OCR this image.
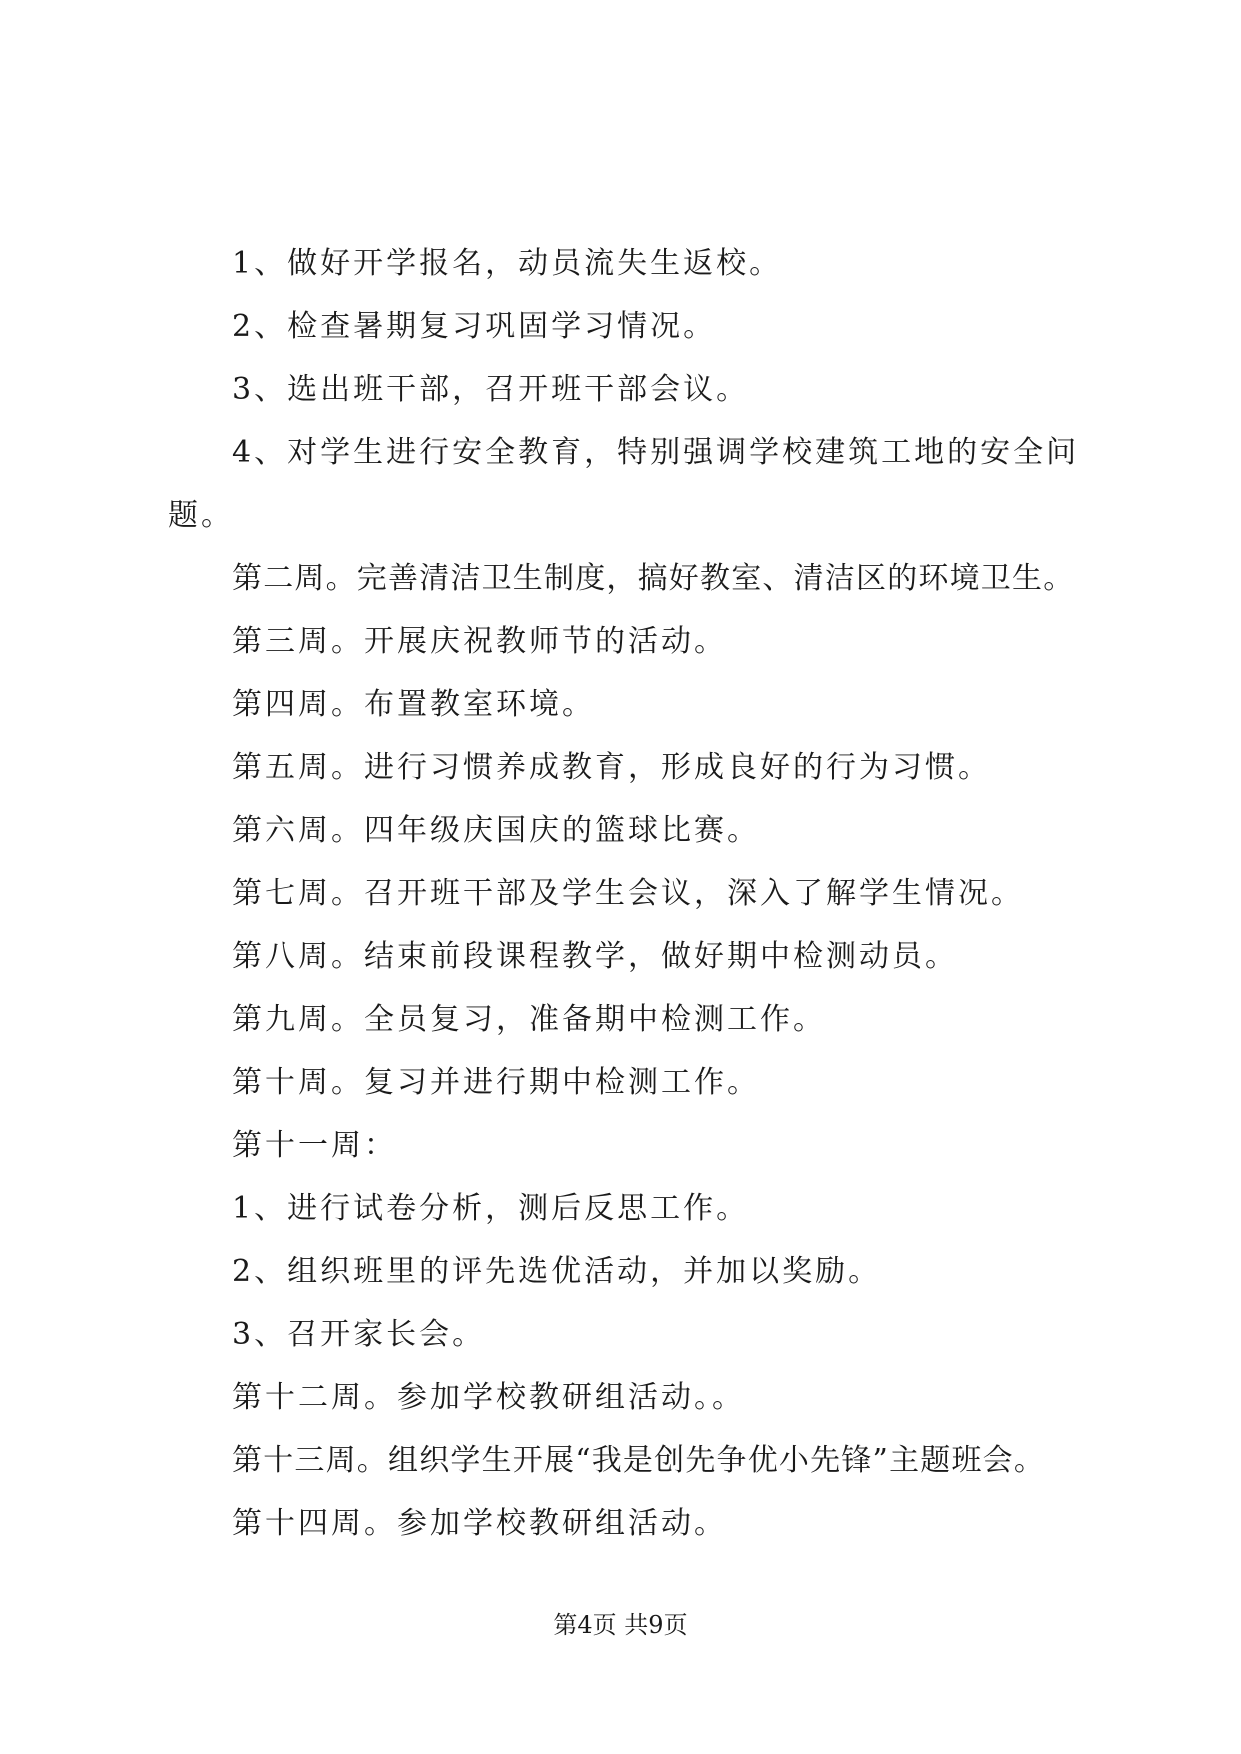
1、做好开学报名，动员流失生返校。

2、检查暑期复习巩固学习情况。

3、选出班干部，召开班干部会议。

4、对学生进行安全教育，特别强调学校建筑工地的安全问

题。

第二周。完善清洁卫生制度，搞好教室、清洁区的环境卫生。

第三周。开展庆祝教师节的活动。

第四周。布置教室环境。

第五周。进行习惯养成教育，形成良好的行为习惯。

第六周。四年级庆国庆的篮球比赛。

第七周。召开班干部及学生会议，深入了解学生情况。

第八周。结束前段课程教学，做好期中检测动员。

第九周。全员复习，准备期中检测工作。

第十周。复习并进行期中检测工作。

第十一周：

1、进行试卷分析，测后反思工作。

2、组织班里的评先选优活动，并加以奖励。

3、召开家长会。

第十二周。参加学校教研组活动。。

第十三周。组织学生开展“我是创先争优小先锋”主题班会。

第十四周。参加学校教研组活动。

第4页 共9页
